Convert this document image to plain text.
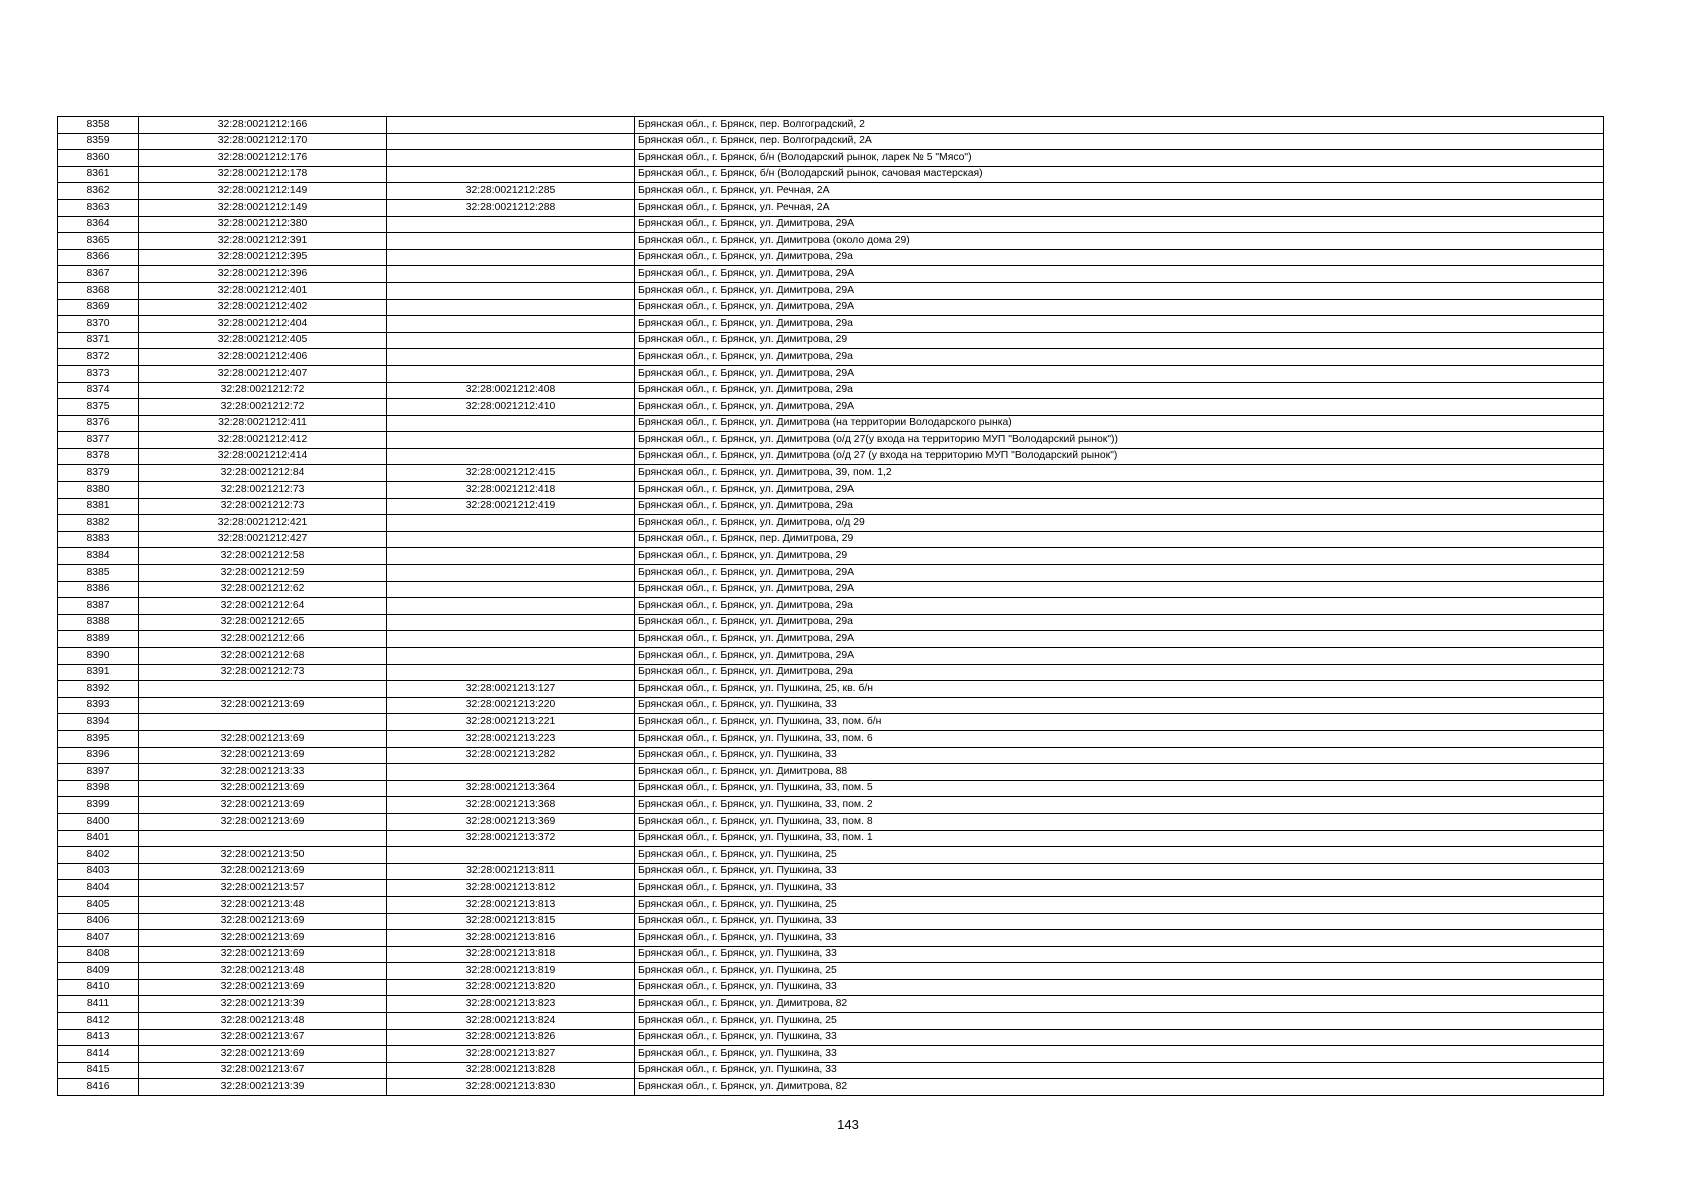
8358	32:28:0021212:166		Брянская обл., г. Брянск, пер. Волгоградский, 2
8359	32:28:0021212:170		Брянская обл., г. Брянск, пер. Волгоградский, 2А
8360	32:28:0021212:176		Брянская обл., г. Брянск, б/н (Володарский рынок, ларек № 5 "Мясо")
8361	32:28:0021212:178		Брянская обл., г. Брянск, б/н (Володарский рынок, сачовая мастерская)
8362	32:28:0021212:149	32:28:0021212:285	Брянская обл., г. Брянск, ул. Речная, 2А
8363	32:28:0021212:149	32:28:0021212:288	Брянская обл., г. Брянск, ул. Речная, 2А
8364	32:28:0021212:380		Брянская обл., г. Брянск, ул. Димитрова, 29А
8365	32:28:0021212:391		Брянская обл., г. Брянск, ул. Димитрова (около дома 29)
8366	32:28:0021212:395		Брянская обл., г. Брянск, ул. Димитрова, 29а
8367	32:28:0021212:396		Брянская обл., г. Брянск, ул. Димитрова, 29А
8368	32:28:0021212:401		Брянская обл., г. Брянск, ул. Димитрова, 29А
8369	32:28:0021212:402		Брянская обл., г. Брянск, ул. Димитрова, 29А
8370	32:28:0021212:404		Брянская обл., г. Брянск, ул. Димитрова, 29а
8371	32:28:0021212:405		Брянская обл., г. Брянск, ул. Димитрова, 29
8372	32:28:0021212:406		Брянская обл., г. Брянск, ул. Димитрова, 29а
8373	32:28:0021212:407		Брянская обл., г. Брянск, ул. Димитрова, 29А
8374	32:28:0021212:72	32:28:0021212:408	Брянская обл., г. Брянск, ул. Димитрова, 29а
8375	32:28:0021212:72	32:28:0021212:410	Брянская обл., г. Брянск, ул. Димитрова, 29А
8376	32:28:0021212:411		Брянская обл., г. Брянск, ул. Димитрова (на территории Володарского рынка)
8377	32:28:0021212:412		Брянская обл., г. Брянск, ул. Димитрова (о/д 27(у входа на территорию МУП "Володарский рынок"))
8378	32:28:0021212:414		Брянская обл., г. Брянск, ул. Димитрова (о/д 27 (у входа на территорию МУП "Володарский рынок")
8379	32:28:0021212:84	32:28:0021212:415	Брянская обл., г. Брянск, ул. Димитрова, 39, пом. 1,2
8380	32:28:0021212:73	32:28:0021212:418	Брянская обл., г. Брянск, ул. Димитрова, 29А
8381	32:28:0021212:73	32:28:0021212:419	Брянская обл., г. Брянск, ул. Димитрова, 29а
8382	32:28:0021212:421		Брянская обл., г. Брянск, ул. Димитрова, о/д 29
8383	32:28:0021212:427		Брянская обл., г. Брянск, пер. Димитрова, 29
8384	32:28:0021212:58		Брянская обл., г. Брянск, ул. Димитрова, 29
8385	32:28:0021212:59		Брянская обл., г. Брянск, ул. Димитрова, 29А
8386	32:28:0021212:62		Брянская обл., г. Брянск, ул. Димитрова, 29А
8387	32:28:0021212:64		Брянская обл., г. Брянск, ул. Димитрова, 29а
8388	32:28:0021212:65		Брянская обл., г. Брянск, ул. Димитрова, 29а
8389	32:28:0021212:66		Брянская обл., г. Брянск, ул. Димитрова, 29А
8390	32:28:0021212:68		Брянская обл., г. Брянск, ул. Димитрова, 29А
8391	32:28:0021212:73		Брянская обл., г. Брянск, ул. Димитрова, 29а
8392		32:28:0021213:127	Брянская обл., г. Брянск, ул. Пушкина, 25, кв. б/н
8393	32:28:0021213:69	32:28:0021213:220	Брянская обл., г. Брянск, ул. Пушкина, 33
8394		32:28:0021213:221	Брянская обл., г. Брянск, ул. Пушкина, 33, пом. б/н
8395	32:28:0021213:69	32:28:0021213:223	Брянская обл., г. Брянск, ул. Пушкина, 33, пом. 6
8396	32:28:0021213:69	32:28:0021213:282	Брянская обл., г. Брянск, ул. Пушкина, 33
8397	32:28:0021213:33		Брянская обл., г. Брянск, ул. Димитрова, 88
8398	32:28:0021213:69	32:28:0021213:364	Брянская обл., г. Брянск, ул. Пушкина, 33, пом. 5
8399	32:28:0021213:69	32:28:0021213:368	Брянская обл., г. Брянск, ул. Пушкина, 33, пом. 2
8400	32:28:0021213:69	32:28:0021213:369	Брянская обл., г. Брянск, ул. Пушкина, 33, пом. 8
8401		32:28:0021213:372	Брянская обл., г. Брянск, ул. Пушкина, 33, пом. 1
8402	32:28:0021213:50		Брянская обл., г. Брянск, ул. Пушкина, 25
8403	32:28:0021213:69	32:28:0021213:811	Брянская обл., г. Брянск, ул. Пушкина, 33
8404	32:28:0021213:57	32:28:0021213:812	Брянская обл., г. Брянск, ул. Пушкина, 33
8405	32:28:0021213:48	32:28:0021213:813	Брянская обл., г. Брянск, ул. Пушкина, 25
8406	32:28:0021213:69	32:28:0021213:815	Брянская обл., г. Брянск, ул. Пушкина, 33
8407	32:28:0021213:69	32:28:0021213:816	Брянская обл., г. Брянск, ул. Пушкина, 33
8408	32:28:0021213:69	32:28:0021213:818	Брянская обл., г. Брянск, ул. Пушкина, 33
8409	32:28:0021213:48	32:28:0021213:819	Брянская обл., г. Брянск, ул. Пушкина, 25
8410	32:28:0021213:69	32:28:0021213:820	Брянская обл., г. Брянск, ул. Пушкина, 33
8411	32:28:0021213:39	32:28:0021213:823	Брянская обл., г. Брянск, ул. Димитрова, 82
8412	32:28:0021213:48	32:28:0021213:824	Брянская обл., г. Брянск, ул. Пушкина, 25
8413	32:28:0021213:67	32:28:0021213:826	Брянская обл., г. Брянск, ул. Пушкина, 33
8414	32:28:0021213:69	32:28:0021213:827	Брянская обл., г. Брянск, ул. Пушкина, 33
8415	32:28:0021213:67	32:28:0021213:828	Брянская обл., г. Брянск, ул. Пушкина, 33
8416	32:28:0021213:39	32:28:0021213:830	Брянская обл., г. Брянск, ул. Димитрова, 82
143
